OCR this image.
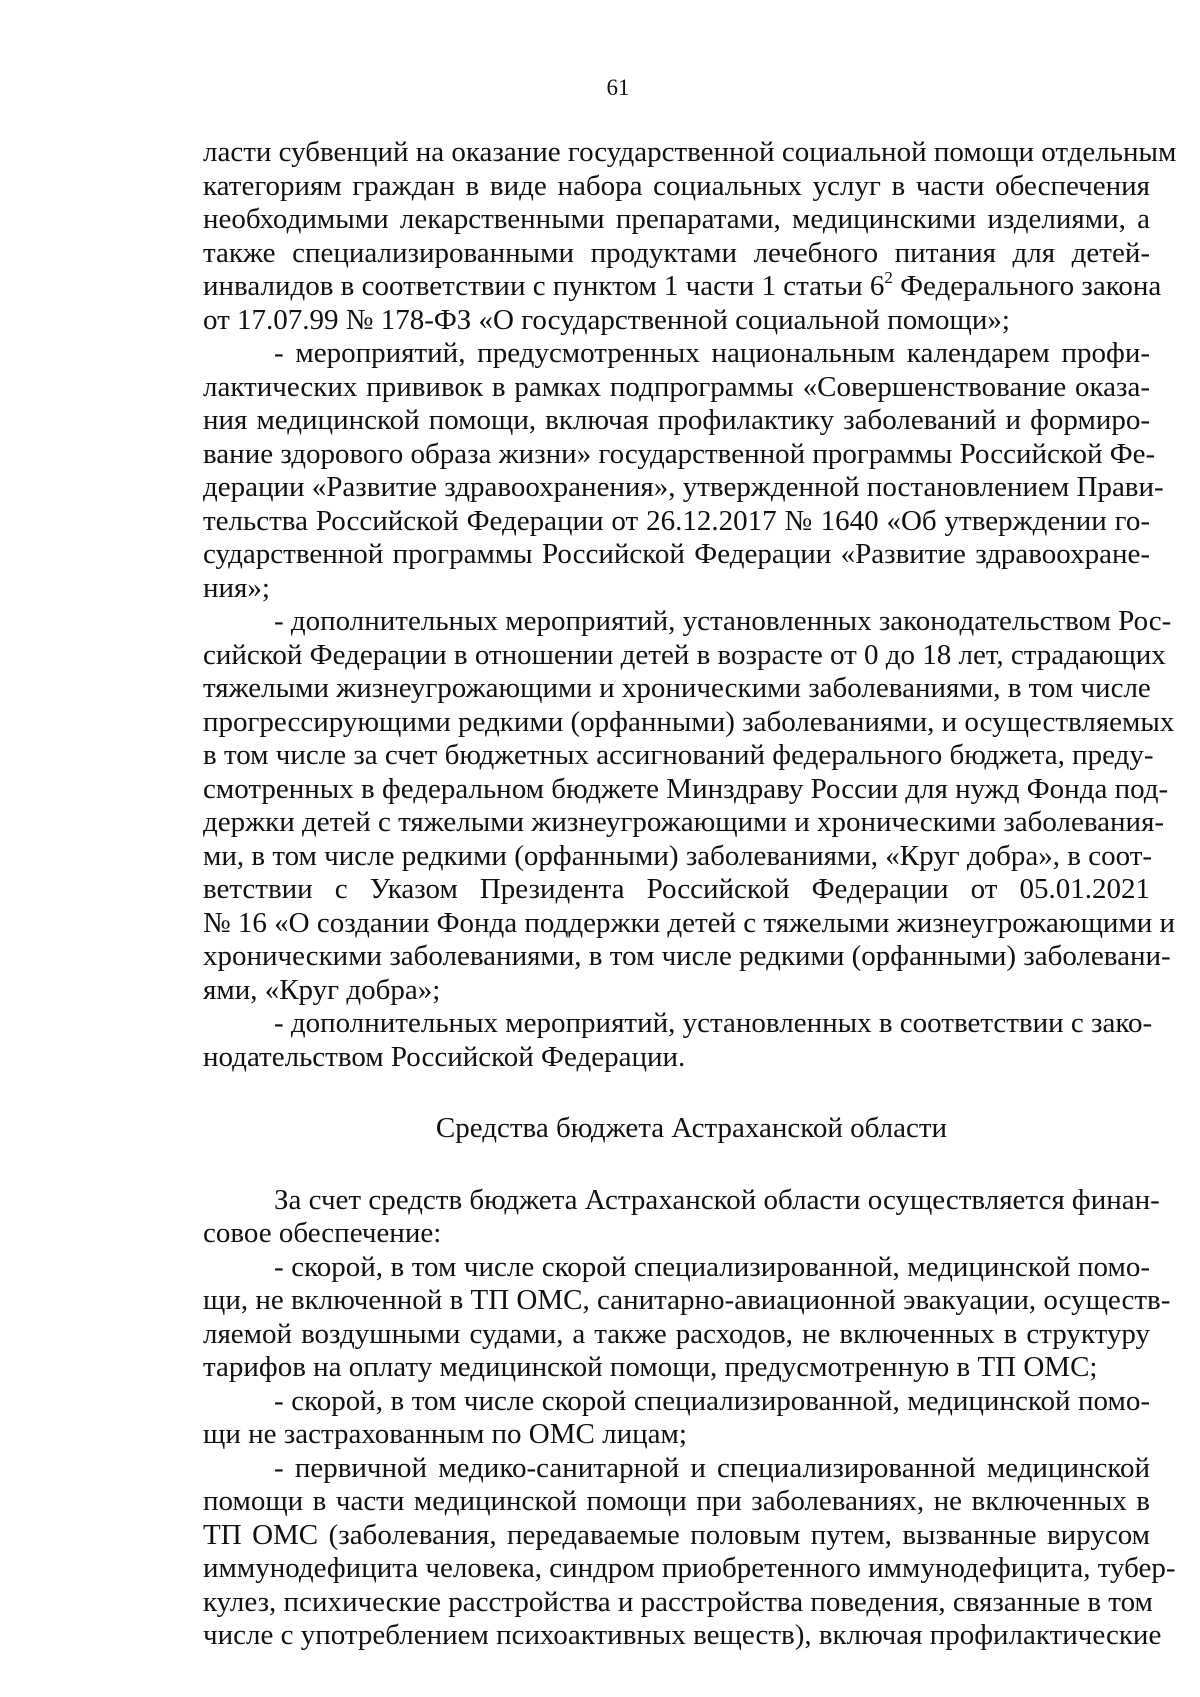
61
ласти субвенций на оказание государственной социальной помощи отдельным
категориям граждан в виде набора социальных услуг в части обеспечения
необходимыми лекарственными препаратами, медицинскими изделиями, а
также специализированными продуктами лечебного питания для детей-
инвалидов в соответствии с пунктом 1 части 1 статьи $6^2$ Федерального закона
от 17.07.99 № 178-ФЗ «О государственной социальной помощи»;
- мероприятий, предусмотренных национальным календарем профи-
лактических прививок в рамках подпрограммы «Совершенствование оказа-
ния медицинской помощи, включая профилактику заболеваний и формиро-
вание здорового образа жизни» государственной программы Российской Фе-
дерации «Развитие здравоохранения», утвержденной постановлением Прави-
тельства Российской Федерации от 26.12.2017 № 1640 «Об утверждении го-
сударственной программы Российской Федерации «Развитие здравоохране-
ния»;
- дополнительных мероприятий, установленных законодательством Рос-
сийской Федерации в отношении детей в возрасте от 0 до 18 лет, страдающих
тяжелыми жизнеугрожающими и хроническими заболеваниями, в том числе
прогрессирующими редкими (орфанными) заболеваниями, и осуществляемых
в том числе за счет бюджетных ассигнований федерального бюджета, преду-
смотренных в федеральном бюджете Минздраву России для нужд Фонда под-
держки детей с тяжелыми жизнеугрожающими и хроническими заболевания-
ми, в том числе редкими (орфанными) заболеваниями, «Круг добра», в соот-
ветствии с Указом Президента Российской Федерации от 05.01.2021
№ 16 «О создании Фонда поддержки детей с тяжелыми жизнеугрожающими и
хроническими заболеваниями, в том числе редкими (орфанными) заболевани-
ями, «Круг добра»;
- дополнительных мероприятий, установленных в соответствии с зако-
нодательством Российской Федерации.
Средства бюджета Астраханской области
За счет средств бюджета Астраханской области осуществляется финан-
совое обеспечение:
- скорой, в том числе скорой специализированной, медицинской помо-
щи, не включенной в ТП ОМС, санитарно-авиационной эвакуации, осуществ-
ляемой воздушными судами, а также расходов, не включенных в структуру
тарифов на оплату медицинской помощи, предусмотренную в ТП ОМС;
- скорой, в том числе скорой специализированной, медицинской помо-
щи не застрахованным по ОМС лицам;
- первичной медико-санитарной и специализированной медицинской
помощи в части медицинской помощи при заболеваниях, не включенных в
ТП ОМС (заболевания, передаваемые половым путем, вызванные вирусом
иммунодефицита человека, синдром приобретенного иммунодефицита, тубер-
кулез, психические расстройства и расстройства поведения, связанные в том
числе с употреблением психоактивных веществ), включая профилактические
